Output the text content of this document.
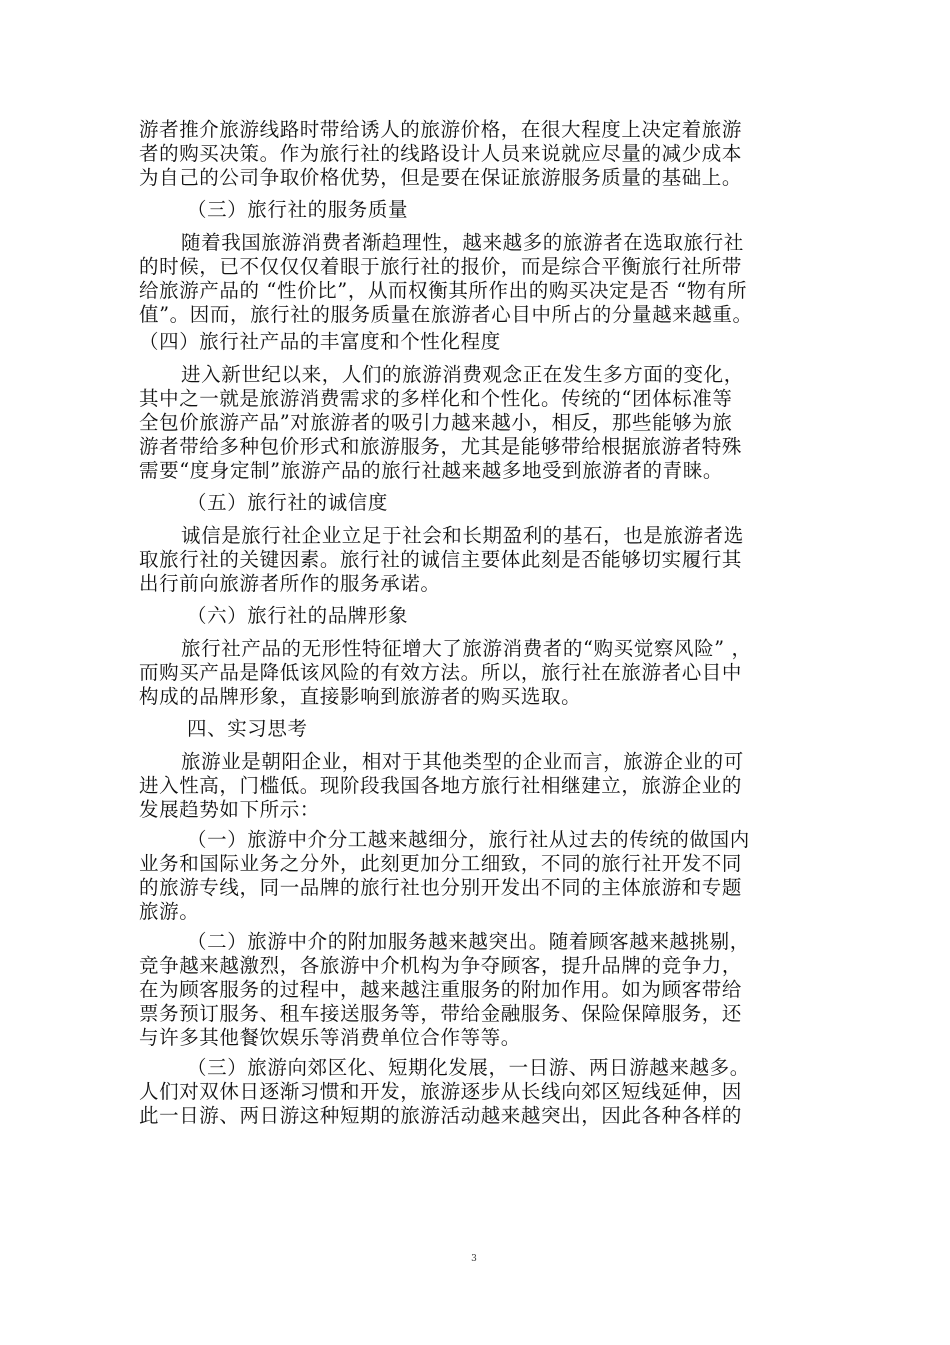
游者推介旅游线路时带给诱人的旅游价格，在很大程度上决定着旅游
者的购买决策。作为旅行社的线路设计人员来说就应尽量的减少成本
为自己的公司争取价格优势，但是要在保证旅游服务质量的基础上。
（三）旅行社的服务质量
随着我国旅游消费者渐趋理性，越来越多的旅游者在选取旅行社
的时候，已不仅仅仅着眼于旅行社的报价，而是综合平衡旅行社所带
给旅游产品的 “性价比”，从而权衡其所作出的购买决定是否 “物有所
值”。因而，旅行社的服务质量在旅游者心目中所占的分量越来越重。
（四）旅行社产品的丰富度和个性化程度
进入新世纪以来，人们的旅游消费观念正在发生多方面的变化，
其中之一就是旅游消费需求的多样化和个性化。传统的“团体标准等
全包价旅游产品”对旅游者的吸引力越来越小，相反，那些能够为旅
游者带给多种包价形式和旅游服务，尤其是能够带给根据旅游者特殊
需要“度身定制”旅游产品的旅行社越来越多地受到旅游者的青睐。
（五）旅行社的诚信度
诚信是旅行社企业立足于社会和长期盈利的基石，也是旅游者选
取旅行社的关键因素。旅行社的诚信主要体此刻是否能够切实履行其
出行前向旅游者所作的服务承诺。
（六）旅行社的品牌形象
旅行社产品的无形性特征增大了旅游消费者的“购买觉察风险” ，
而购买产品是降低该风险的有效方法。所以，旅行社在旅游者心目中
构成的品牌形象，直接影响到旅游者的购买选取。
四、实习思考
旅游业是朝阳企业，相对于其他类型的企业而言，旅游企业的可
进入性高，门槛低。现阶段我国各地方旅行社相继建立，旅游企业的
发展趋势如下所示：
（一）旅游中介分工越来越细分，旅行社从过去的传统的做国内
业务和国际业务之分外，此刻更加分工细致，不同的旅行社开发不同
的旅游专线，同一品牌的旅行社也分别开发出不同的主体旅游和专题
旅游。
（二）旅游中介的附加服务越来越突出。随着顾客越来越挑剔，
竞争越来越激烈，各旅游中介机构为争夺顾客，提升品牌的竞争力，
在为顾客服务的过程中，越来越注重服务的附加作用。如为顾客带给
票务预订服务、租车接送服务等，带给金融服务、保险保障服务，还
与许多其他餐饮娱乐等消费单位合作等等。
（三）旅游向郊区化、短期化发展，一日游、两日游越来越多。
人们对双休日逐渐习惯和开发，旅游逐步从长线向郊区短线延伸，因
此一日游、两日游这种短期的旅游活动越来越突出，因此各种各样的
3
